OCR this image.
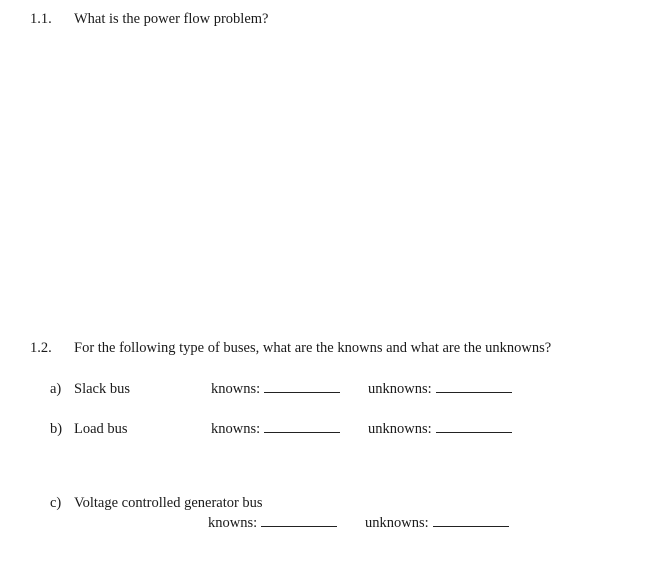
1.1. What is the power flow problem?
1.2. For the following type of buses, what are the knowns and what are the unknowns?
a) Slack bus	knowns:	unknowns:
b) Load bus	knowns:	unknowns:
c) Voltage controlled generator bus
knowns:	unknowns:
